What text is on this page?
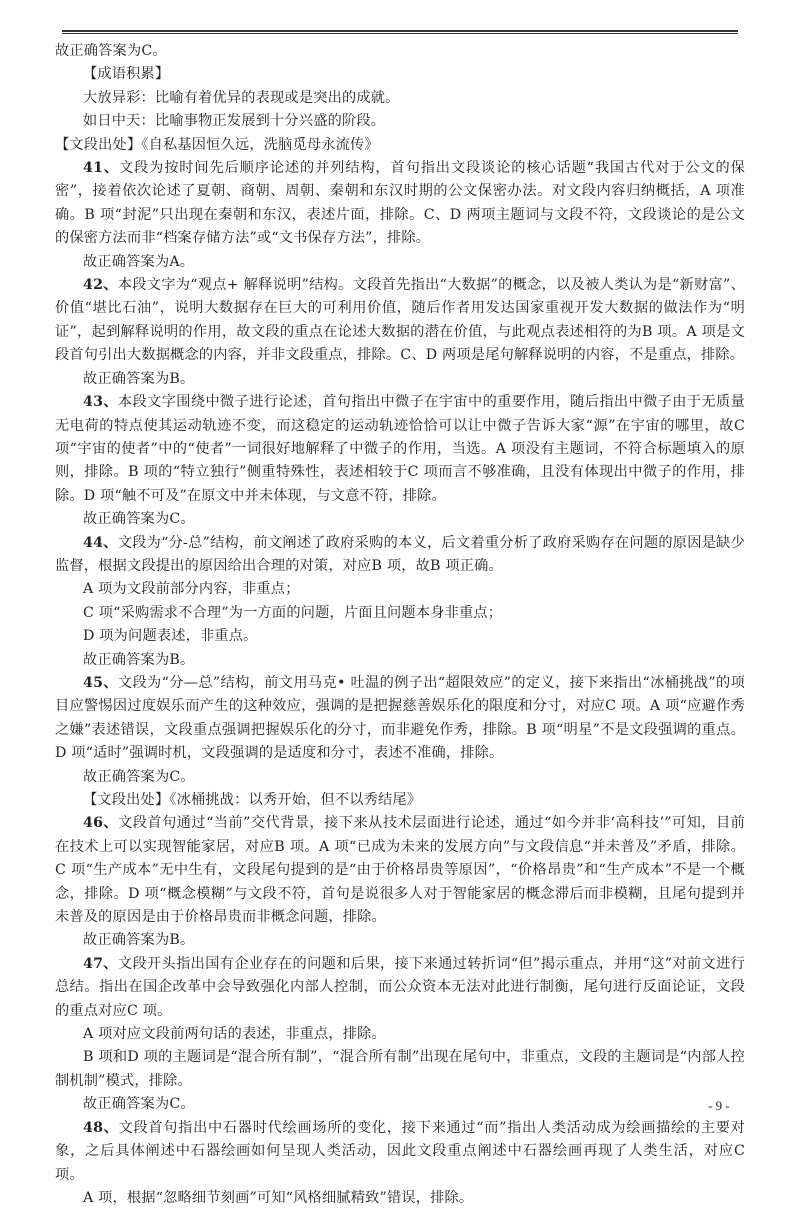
故正确答案为C。

【成语积累】

大放异彩：比喻有着优异的表现或是突出的成就。

如日中天：比喻事物正发展到十分兴盛的阶段。

【文段出处】《自私基因恒久远，洗脑觅母永流传》

41、文段为按时间先后顺序论述的并列结构，首句指出文段谈论的核心话题“我国古代对于公文的保密”，接着依次论述了夏朝、商朝、周朝、秦朝和东汉时期的公文保密办法。对文段内容归纳概括，A 项准确。B 项“封泥”只出现在秦朝和东汉，表述片面，排除。C、D 两项主题词与文段不符，文段谈论的是公文的保密方法而非“档案存储方法”或“文书保存方法”，排除。

故正确答案为A。

42、本段文字为“观点+ 解释说明”结构。文段首先指出“大数据”的概念，以及被人类认为是“新财富”、价值“堪比石油”，说明大数据存在巨大的可利用价值，随后作者用发达国家重视开发大数据的做法作为“明证”，起到解释说明的作用，故文段的重点在论述大数据的潜在价值，与此观点表述相符的为B 项。A 项是文段首句引出大数据概念的内容，并非文段重点，排除。C、D 两项是尾句解释说明的内容，不是重点，排除。

故正确答案为B。

43、本段文字围绕中微子进行论述，首句指出中微子在宇宙中的重要作用，随后指出中微子由于无质量无电荷的特点使其运动轨迹不变，而这稳定的运动轨迹恰恰可以让中微子告诉大家“源”在宇宙的哪里，故C 项“宇宙的使者”中的“使者”一词很好地解释了中微子的作用，当选。A 项没有主题词，不符合标题填入的原则，排除。B 项的“特立独行”侧重特殊性，表述相较于C 项而言不够准确，且没有体现出中微子的作用，排除。D 项“触不可及”在原文中并未体现，与文意不符，排除。

故正确答案为C。

44、文段为“分-总”结构，前文阐述了政府采购的本义，后文着重分析了政府采购存在问题的原因是缺少监督，根据文段提出的原因给出合理的对策，对应B 项，故B 项正确。

A 项为文段前部分内容，非重点；

C 项“采购需求不合理”为一方面的问题，片面且问题本身非重点；

D 项为问题表述，非重点。

故正确答案为B。

45、文段为“分—总”结构，前文用马克• 吐温的例子出“超限效应”的定义，接下来指出“冰桶挑战”的项目应警惕因过度娱乐而产生的这种效应，强调的是把握慈善娱乐化的限度和分寸，对应C 项。A 项“应避作秀之嫌”表述错误，文段重点强调把握娱乐化的分寸，而非避免作秀，排除。B 项“明星”不是文段强调的重点。D 项“适时”强调时机，文段强调的是适度和分寸，表述不准确，排除。

故正确答案为C。

【文段出处】《冰桶挑战：以秀开始，但不以秀结尾》

46、文段首句通过“当前”交代背景，接下来从技术层面进行论述，通过“如今并非‘高科技’”可知，目前在技术上可以实现智能家居，对应B 项。A 项“已成为未来的发展方向”与文段信息“并未普及”矛盾，排除。C 项“生产成本”无中生有，文段尾句提到的是“由于价格昂贵等原因”，“价格昂贵”和“生产成本”不是一个概念，排除。D 项“概念模糊”与文段不符，首句是说很多人对于智能家居的概念滞后而非模糊，且尾句提到并未普及的原因是由于价格昂贵而非概念问题，排除。

故正确答案为B。

47、文段开头指出国有企业存在的问题和后果，接下来通过转折词“但”揭示重点，并用“这”对前文进行总结。指出在国企改革中会导致强化内部人控制，而公众资本无法对此进行制衡，尾句进行反面论证，文段的重点对应C 项。

A 项对应文段前两句话的表述，非重点，排除。

B 项和D 项的主题词是“混合所有制”，“混合所有制”出现在尾句中，非重点，文段的主题词是“内部人控制机制”模式，排除。

故正确答案为C。

48、文段首句指出中石器时代绘画场所的变化，接下来通过“而”指出人类活动成为绘画描绘的主要对象，之后具体阐述中石器绘画如何呈现人类活动，因此文段重点阐述中石器绘画再现了人类生活，对应C 项。

A 项，根据“忽略细节刻画”可知“风格细腻精致”错误，排除。

- 9 -
